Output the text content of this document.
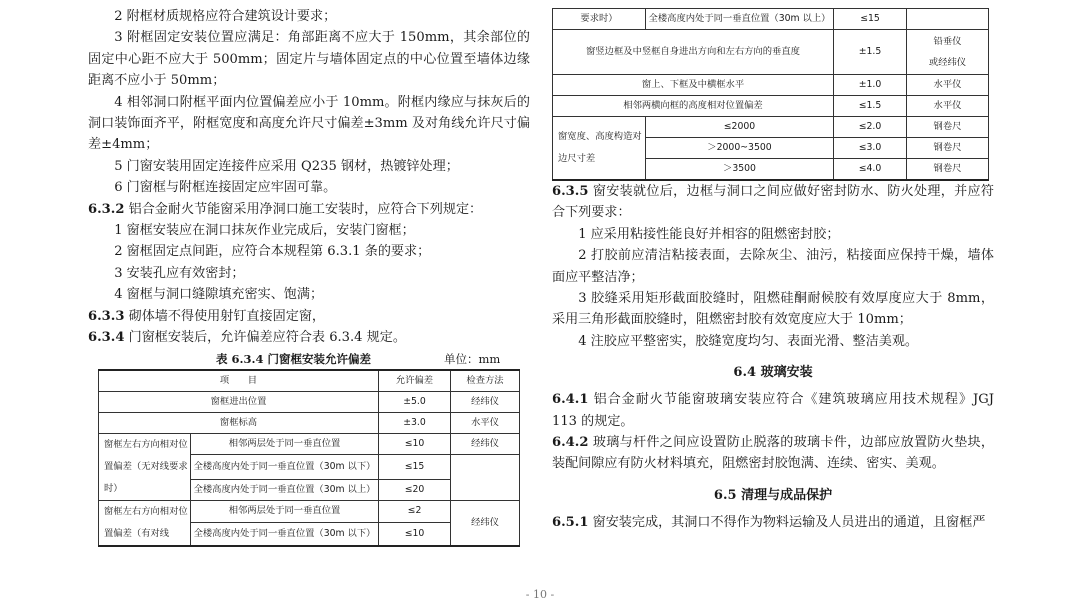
2 附框材质规格应符合建筑设计要求；

3 附框固定安装位置应满足：角部距离不应大于 150mm，其余部位的固定中心距不应大于 500mm；固定片与墙体固定点的中心位置至墙体边缘距离不应小于 50mm；

4 相邻洞口附框平面内位置偏差应小于 10mm。附框内缘应与抹灰后的洞口装饰面齐平，附框宽度和高度允许尺寸偏差±3mm 及对角线允许尺寸偏差±4mm；

5 门窗安装用固定连接件应采用 Q235 钢材，热镀锌处理；

6 门窗框与附框连接固定应牢固可靠。

6.3.2 铝合金耐火节能窗采用净洞口施工安装时，应符合下列规定：

1 窗框安装应在洞口抹灰作业完成后，安装门窗框；

2 窗框固定点间距，应符合本规程第 6.3.1 条的要求；

3 安装孔应有效密封；

4 窗框与洞口缝隙填充密实、饱满；

6.3.3 砌体墙不得使用射钉直接固定窗，

6.3.4 门窗框安装后，允许偏差应符合表 6.3.4 规定。

表 6.3.4 门窗框安装允许偏差	单位：mm
项　　目		允许偏差	检查方法
窗框进出位置		±5.0	经纬仪
窗框标高		±3.0	水平仪
窗框左右方向相对位置偏差（无对线要求时）	相邻两层处于同一垂直位置	≤10	经纬仪
	全楼高度内处于同一垂直位置（30m 以下）	≤15	
	全楼高度内处于同一垂直位置（30m 以上）	≤20	
窗框左右方向相对位置偏差（有对线	相邻两层处于同一垂直位置	≤2	经纬仪
	全楼高度内处于同一垂直位置（30m 以下）	≤10	
要求时）	全楼高度内处于同一垂直位置（30m 以上）	≤15	
窗竖边框及中竖框自身进出方向和左右方向的垂直度		±1.5	铅垂仪
或经纬仪
窗上、下框及中横框水平		±1.0	水平仪
相邻两横向框的高度相对位置偏差		≤1.5	水平仪
窗宽度、高度构造对边尺寸差	≤2000	≤2.0	钢卷尺
	＞2000~3500	≤3.0	钢卷尺
	＞3500	≤4.0	钢卷尺

6.3.5 窗安装就位后，边框与洞口之间应做好密封防水、防火处理，并应符合下列要求：

1 应采用粘接性能良好并相容的阻燃密封胶；

2 打胶前应清洁粘接表面，去除灰尘、油污，粘接面应保持干燥，墙体面应平整洁净；

3 胶缝采用矩形截面胶缝时，阻燃硅酮耐候胶有效厚度应大于 8mm，采用三角形截面胶缝时，阻燃密封胶有效宽度应大于 10mm；

4 注胶应平整密实，胶缝宽度均匀、表面光滑、整洁美观。

6.4 玻璃安装

6.4.1 铝合金耐火节能窗玻璃安装应符合《建筑玻璃应用技术规程》JGJ 113 的规定。

6.4.2 玻璃与杆件之间应设置防止脱落的玻璃卡件，边部应放置防火垫块，装配间隙应有防火材料填充，阻燃密封胶饱满、连续、密实、美观。

6.5 清理与成品保护

6.5.1 窗安装完成，其洞口不得作为物料运输及人员进出的通道，且窗框严

- 10 -
